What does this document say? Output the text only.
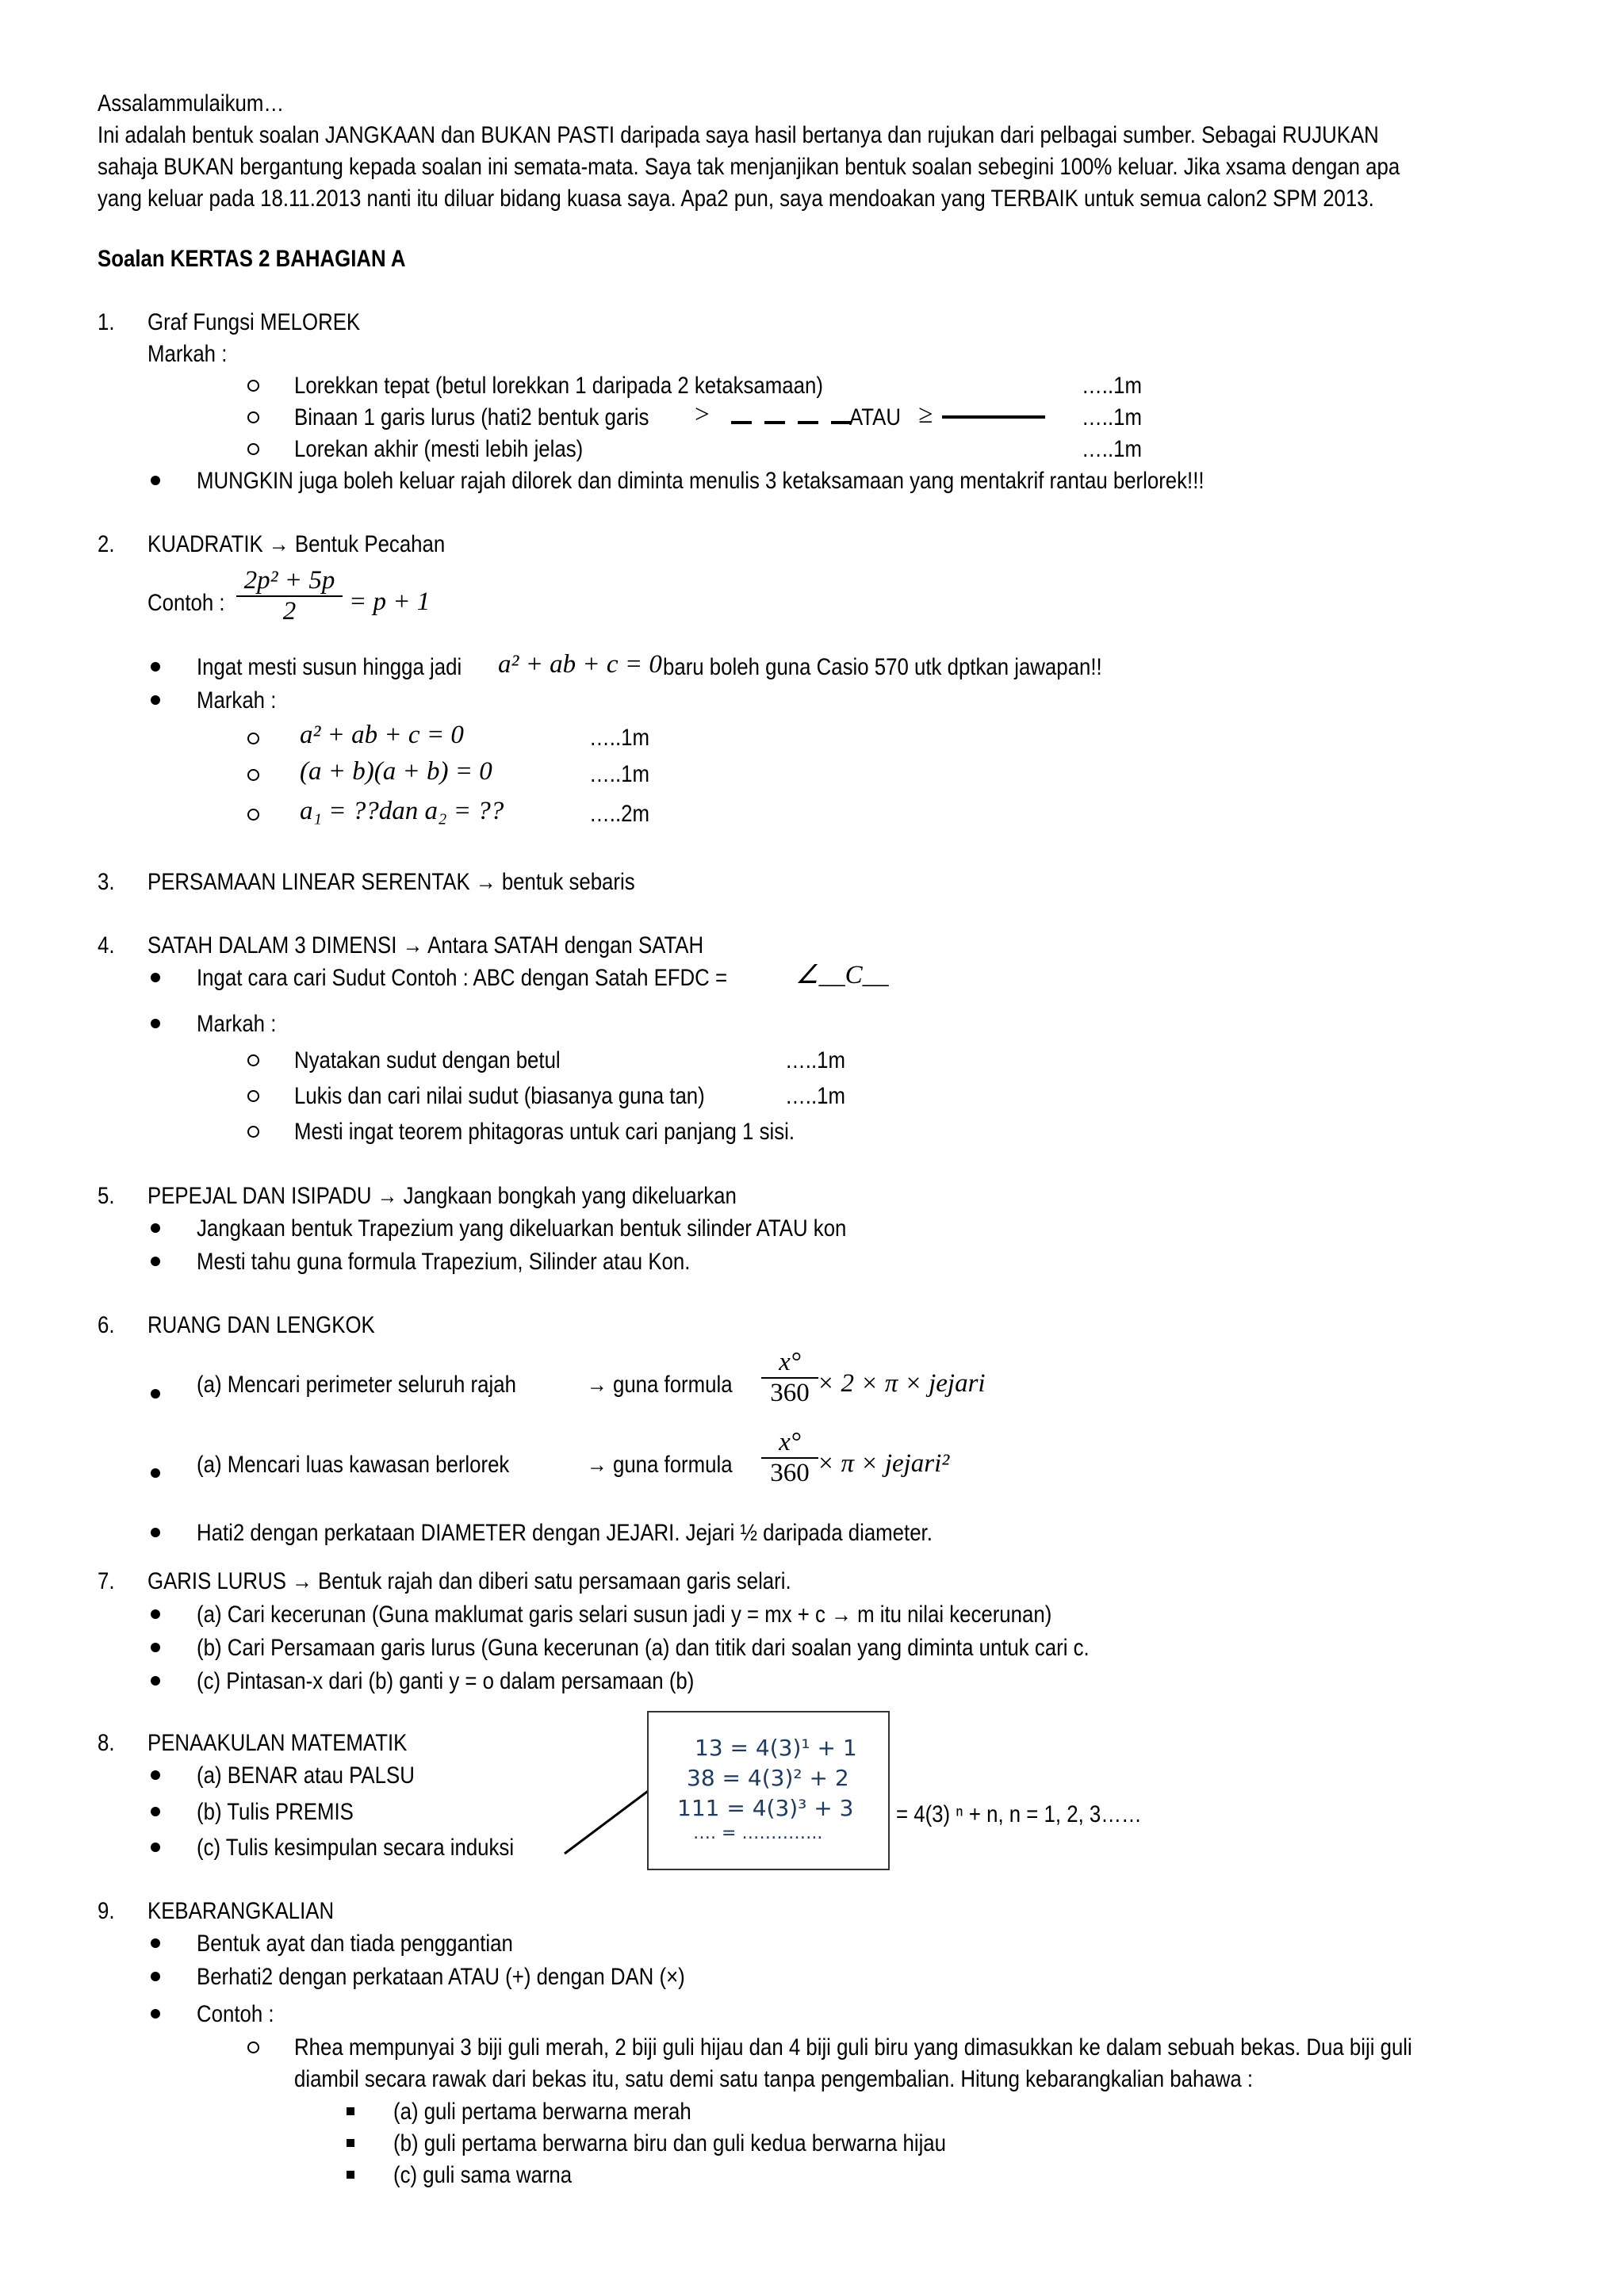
Assalammulaikum…
Ini adalah bentuk soalan JANGKAAN dan BUKAN PASTI daripada saya hasil bertanya dan rujukan dari pelbagai sumber. Sebagai RUJUKAN
sahaja BUKAN bergantung kepada soalan ini semata-mata. Saya tak menjanjikan bentuk soalan sebegini 100% keluar. Jika xsama dengan apa
yang keluar pada 18.11.2013 nanti itu diluar bidang kuasa saya. Apa2 pun, saya mendoakan yang TERBAIK untuk semua calon2 SPM 2013.
Soalan KERTAS 2 BAHAGIAN A
1. Graf Fungsi MELOREK
Markah :
Lorekkan tepat (betul lorekkan 1 daripada 2 ketaksamaan)	…..1m
Binaan 1 garis lurus (hati2 bentuk garis >	ATAU ≥	…..1m
Lorekan akhir (mesti lebih jelas)	…..1m
MUNGKIN juga boleh keluar rajah dilorek dan diminta menulis 3 ketaksamaan yang mentakrif rantau berlorek!!!
2. KUADRATIK → Bentuk Pecahan
Contoh : $\frac{\text{2p² + 5p}}{2} = p + 1$
Ingat mesti susun hingga jadi a² + ab + c = 0 baru boleh guna Casio 570 utk dptkan jawapan!!
Markah :
a² + ab + c = 0	…..1m
(a + b)(a + b) = 0	…..1m
a₁ = ??dan a₂ = ??	…..2m
3. PERSAMAAN LINEAR SERENTAK → bentuk sebaris
4. SATAH DALAM 3 DIMENSI → Antara SATAH dengan SATAH
Ingat cara cari Sudut Contoh : ABC dengan Satah EFDC =	∠__C__
Markah :
Nyatakan sudut dengan betul	…..1m
Lukis dan cari nilai sudut (biasanya guna tan)	…..1m
Mesti ingat teorem phitagoras untuk cari panjang 1 sisi.
5. PEPEJAL DAN ISIPADU → Jangkaan bongkah yang dikeluarkan
Jangkaan bentuk Trapezium yang dikeluarkan bentuk silinder ATAU kon
Mesti tahu guna formula Trapezium, Silinder atau Kon.
6. RUANG DAN LENGKOK
(a) Mencari perimeter seluruh rajah	→ guna formula $\frac{x^\circ}{360}$
× 2 × π × jejari
(a) Mencari luas kawasan berlorek	→ guna formula $\frac{x^\circ}{360}$
× π × jejari²
Hati2 dengan perkataan DIAMETER dengan JEJARI. Jejari ½ daripada diameter.
7. GARIS LURUS → Bentuk rajah dan diberi satu persamaan garis selari.
(a) Cari kecerunan (Guna maklumat garis selari susun jadi y = mx + c → m itu nilai kecerunan)
(b) Cari Persamaan garis lurus (Guna kecerunan (a) dan titik dari soalan yang diminta untuk cari c.
(c) Pintasan-x dari (b) ganti y = o dalam persamaan (b)
8. PENAAKULAN MATEMATIK
(a) BENAR atau PALSU
(b) Tulis PREMIS
(c) Tulis kesimpulan secara induksi
13 = 4(3)¹ + 1
38 = 4(3)² + 2
111 = 4(3)³ + 3
…. = …………..
= 4(3) ⁿ + n, n = 1, 2, 3……
9. KEBARANGKALIAN
Bentuk ayat dan tiada penggantian
Berhati2 dengan perkataan ATAU (+) dengan DAN (×)
Contoh :
Rhea mempunyai 3 biji guli merah, 2 biji guli hijau dan 4 biji guli biru yang dimasukkan ke dalam sebuah bekas. Dua biji guli
diambil secara rawak dari bekas itu, satu demi satu tanpa pengembalian. Hitung kebarangkalian bahawa :
(a) guli pertama berwarna merah
(b) guli pertama berwarna biru dan guli kedua berwarna hijau
(c) guli sama warna
